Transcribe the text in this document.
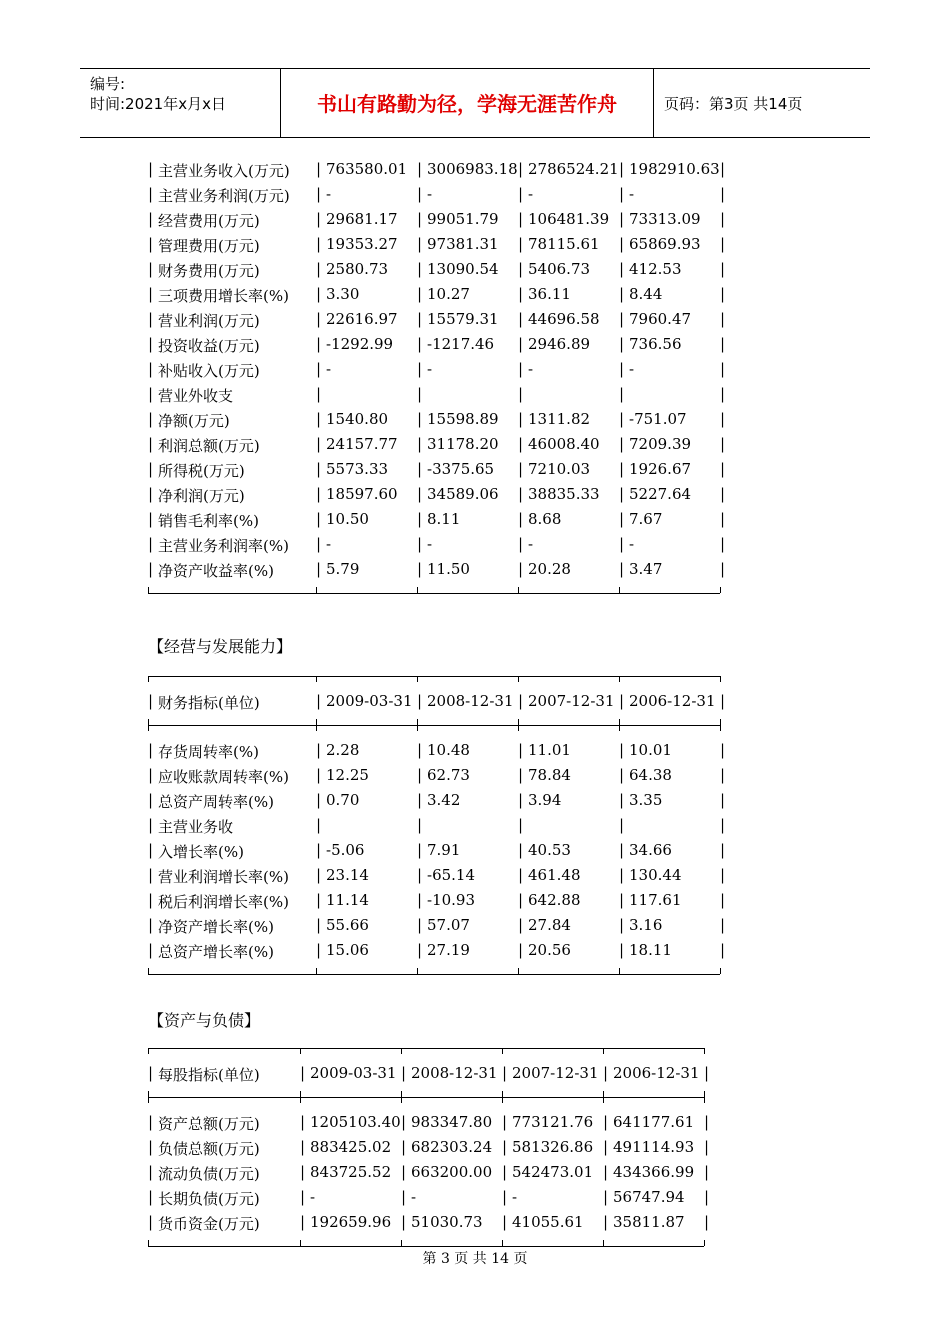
编号:
时间:2021年x月x日	书山有路勤为径，学海无涯苦作舟	页码：第3页 共14页
|	|	|	|	|	|
主营业务收入(万元) 763580.01 3006983.18 2786524.21 1982910.63
|	|	|	|	|	|
主营业务利润(万元) -	-	-	-
|	|	|	|	|	|
经营费用(万元)	29681.17 99051.79 106481.39 73313.09
|	|	|	|	|	|
管理费用(万元)	19353.27 97381.31 78115.61 65869.93
|	|	|	|	|	|
财务费用(万元)	2580.73	13090.54 5406.73	412.53
|	|	|	|	|	|
三项费用增长率(%) 3.30	10.27	36.11	8.44
|	|	|	|	|	|
营业利润(万元)	22616.97 15579.31 44696.58 7960.47
|	|	|	|	|	|
投资收益(万元)	-1292.99 -1217.46 2946.89	736.56
|	|	|	|	|	|
补贴收入(万元)	-	-	-	-
|	|	|	|	|	|
营业外收支
|	|	|	|	|	|
净额(万元)	1540.80	15598.89 1311.82	-751.07
|	|	|	|	|	|
利润总额(万元)	24157.77 31178.20 46008.40 7209.39
|	|	|	|	|	|
所得税(万元)	5573.33	-3375.65 7210.03	1926.67
|	|	|	|	|	|
净利润(万元)	18597.60 34589.06 38835.33 5227.64
|	|	|	|	|	|
销售毛利率(%)	10.50	8.11	8.68	7.67
|	|	|	|	|	|
主营业务利润率(%) -	-	-	-
|	|	|	|	|	|
净资产收益率(%)	5.79	11.50	20.28	3.47
【经营与发展能力】
|	|	|	|	|	|
财务指标(单位)	2009-03-31 2008-12-31 2007-12-31 2006-12-31
|	|	|	|	|	|
存货周转率(%)	2.28	10.48	11.01	10.01
|	|	|	|	|	|
应收账款周转率(%) 12.25	62.73	78.84	64.38
|	|	|	|	|	|
总资产周转率(%)	0.70	3.42	3.94	3.35
|	|	|	|	|	|
主营业务收
|	|	|	|	|	|
入增长率(%)	-5.06	7.91	40.53	34.66
|	|	|	|	|	|
营业利润增长率(%) 23.14	-65.14	461.48	130.44
|	|	|	|	|	|
税后利润增长率(%) 11.14	-10.93	642.88	117.61
|	|	|	|	|	|
净资产增长率(%)	55.66	57.07	27.84	3.16
|	|	|	|	|	|
总资产增长率(%)	15.06	27.19	20.56	18.11
【资产与负债】
|	|	|	|	|	|
每股指标(单位)	2009-03-31 2008-12-31 2007-12-31 2006-12-31
|	|	|	|	|	|
资产总额(万元)	1205103.40 983347.80 773121.76 641177.61
|	|	|	|	|	|
负债总额(万元)	883425.02 682303.24 581326.86 491114.93
|	|	|	|	|	|
流动负债(万元)	843725.52 663200.00 542473.01 434366.99
|	|	|	|	|	|
长期负债(万元)	-	-	-	56747.94
|	|	|	|	|	|
货币资金(万元)	192659.96 51030.73 41055.61 35811.87
第 3 页 共 14 页
